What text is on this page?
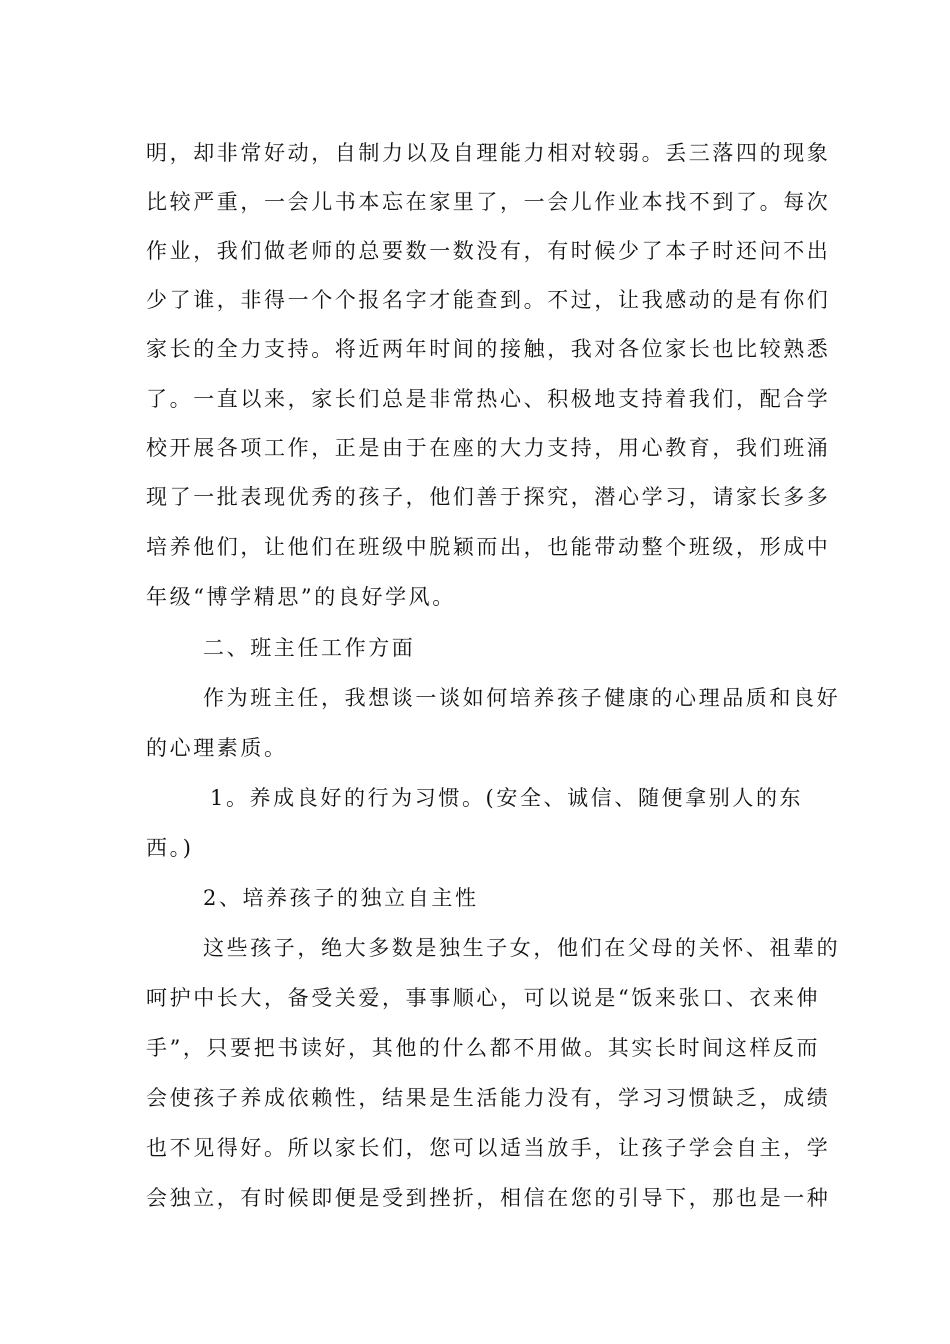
明，却非常好动，自制力以及自理能力相对较弱。丢三落四的现象
比较严重，一会儿书本忘在家里了，一会儿作业本找不到了。每次
作业，我们做老师的总要数一数没有，有时候少了本子时还问不出
少了谁，非得一个个报名字才能查到。不过，让我感动的是有你们
家长的全力支持。将近两年时间的接触，我对各位家长也比较熟悉
了。一直以来，家长们总是非常热心、积极地支持着我们，配合学
校开展各项工作，正是由于在座的大力支持，用心教育，我们班涌
现了一批表现优秀的孩子，他们善于探究，潜心学习，请家长多多
培养他们，让他们在班级中脱颖而出，也能带动整个班级，形成中
年级“博学精思”的良好学风。
二、班主任工作方面
作为班主任，我想谈一谈如何培养孩子健康的心理品质和良好
的心理素质。
1。养成良好的行为习惯。(安全、诚信、随便拿别人的东
西。)
2、培养孩子的独立自主性
这些孩子，绝大多数是独生子女，他们在父母的关怀、祖辈的
呵护中长大，备受关爱，事事顺心，可以说是“饭来张口、衣来伸
手”，只要把书读好，其他的什么都不用做。其实长时间这样反而
会使孩子养成依赖性，结果是生活能力没有，学习习惯缺乏，成绩
也不见得好。所以家长们，您可以适当放手，让孩子学会自主，学
会独立，有时候即便是受到挫折，相信在您的引导下，那也是一种
